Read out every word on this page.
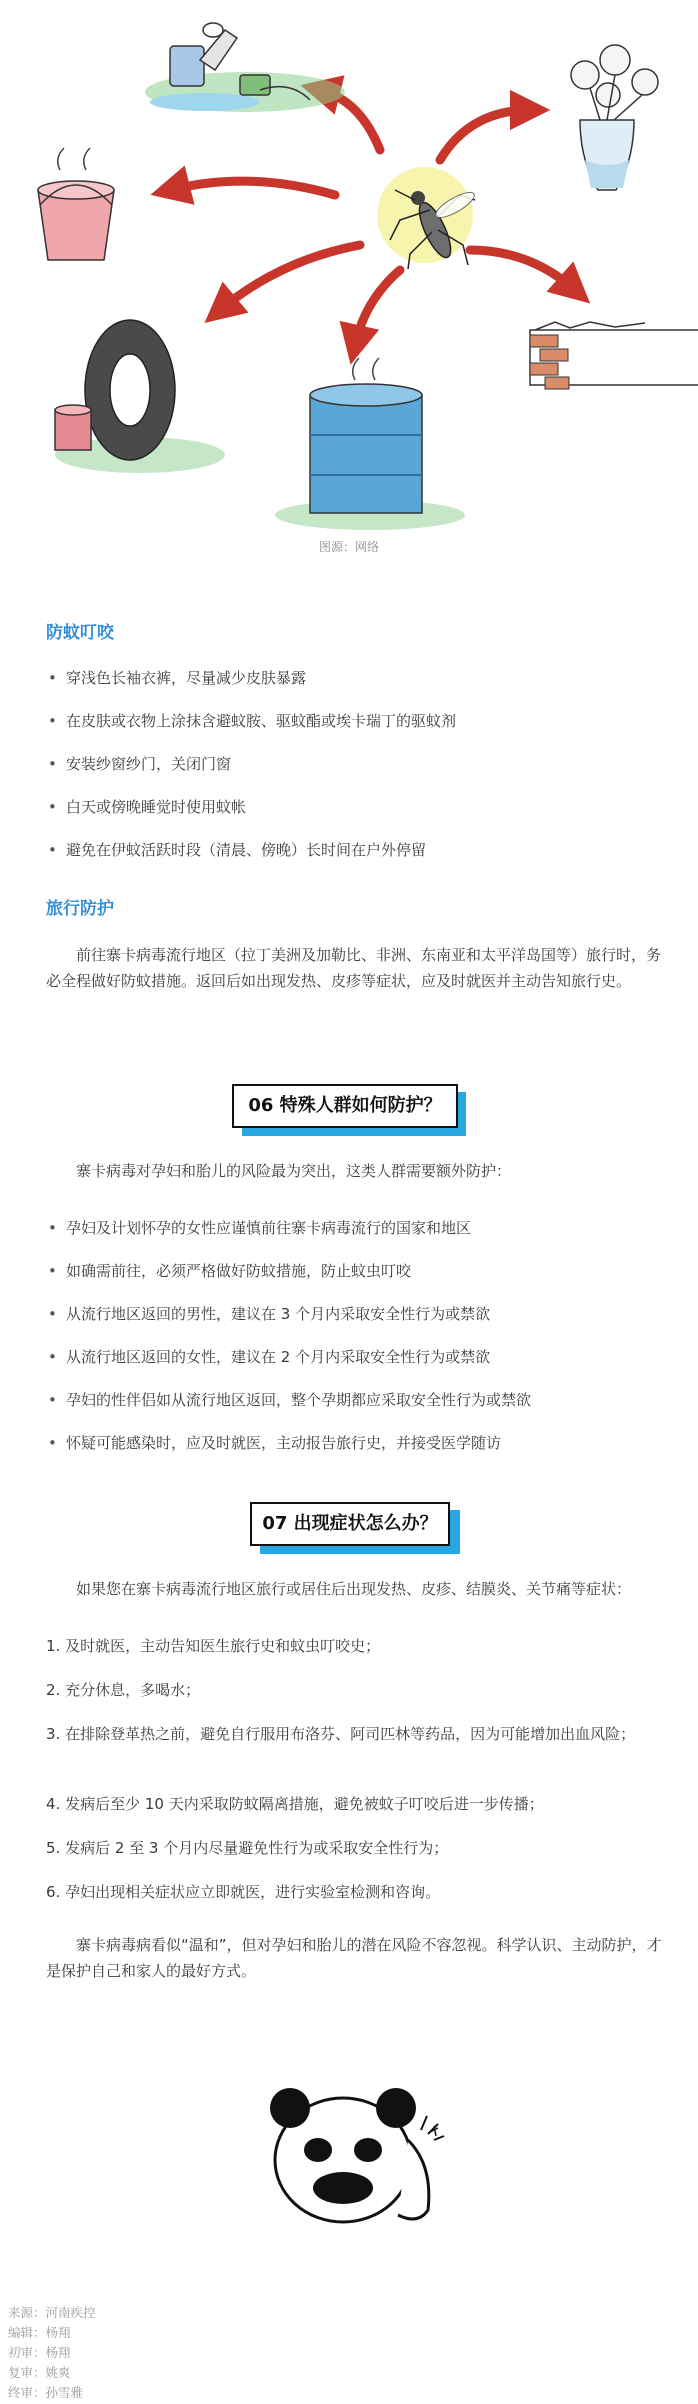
图源：网络
防蚊叮咬
• 穿浅色长袖衣裤，尽量减少皮肤暴露
• 在皮肤或衣物上涂抹含避蚊胺、驱蚊酯或埃卡瑞丁的驱蚊剂
• 安装纱窗纱门，关闭门窗
• 白天或傍晚睡觉时使用蚊帐
• 避免在伊蚊活跃时段（清晨、傍晚）长时间在户外停留
旅行防护
前往寨卡病毒流行地区（拉丁美洲及加勒比、非洲、东南亚和太平洋岛国等）旅行时，务必全程做好防蚊措施。返回后如出现发热、皮疹等症状，应及时就医并主动告知旅行史。
06 特殊人群如何防护？
寨卡病毒对孕妇和胎儿的风险最为突出，这类人群需要额外防护：
• 孕妇及计划怀孕的女性应谨慎前往寨卡病毒流行的国家和地区
• 如确需前往，必须严格做好防蚊措施，防止蚊虫叮咬
• 从流行地区返回的男性，建议在 3 个月内采取安全性行为或禁欲
• 从流行地区返回的女性，建议在 2 个月内采取安全性行为或禁欲
• 孕妇的性伴侣如从流行地区返回，整个孕期都应采取安全性行为或禁欲
• 怀疑可能感染时，应及时就医，主动报告旅行史，并接受医学随访
07 出现症状怎么办？
如果您在寨卡病毒流行地区旅行或居住后出现发热、皮疹、结膜炎、关节痛等症状：
1. 及时就医，主动告知医生旅行史和蚊虫叮咬史；
2. 充分休息，多喝水；
3. 在排除登革热之前，避免自行服用布洛芬、阿司匹林等药品，因为可能增加出血风险；
4. 发病后至少 10 天内采取防蚊隔离措施，避免被蚊子叮咬后进一步传播；
5. 发病后 2 至 3 个月内尽量避免性行为或采取安全性行为；
6. 孕妇出现相关症状应立即就医，进行实验室检测和咨询。
寨卡病毒病看似“温和”，但对孕妇和胎儿的潜在风险不容忽视。科学认识、主动防护，才是保护自己和家人的最好方式。
来源：河南疾控
编辑：杨翔
初审：杨翔
复审：姚爽
终审：孙雪雅
